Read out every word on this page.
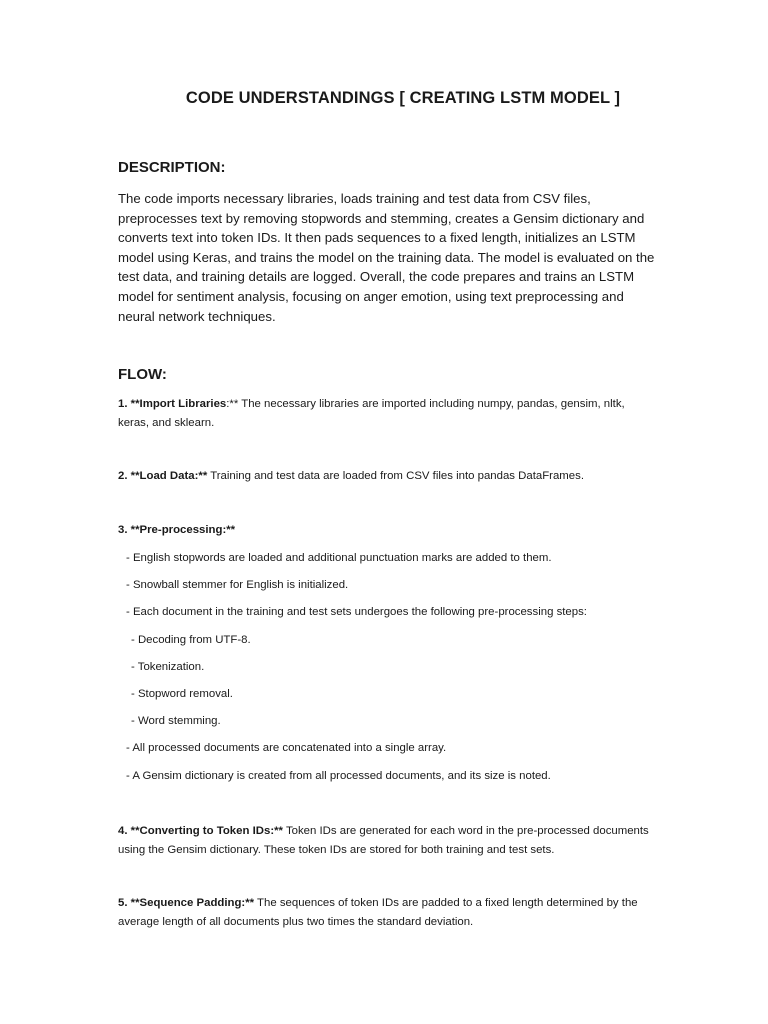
CODE UNDERSTANDINGS [ CREATING LSTM MODEL ]
DESCRIPTION:
The code imports necessary libraries, loads training and test data from CSV files, preprocesses text by removing stopwords and stemming, creates a Gensim dictionary and converts text into token IDs. It then pads sequences to a fixed length, initializes an LSTM model using Keras, and trains the model on the training data. The model is evaluated on the test data, and training details are logged. Overall, the code prepares and trains an LSTM model for sentiment analysis, focusing on anger emotion, using text preprocessing and neural network techniques.
FLOW:
1. **Import Libraries:** The necessary libraries are imported including numpy, pandas, gensim, nltk, keras, and sklearn.
2. **Load Data:** Training and test data are loaded from CSV files into pandas DataFrames.
3. **Pre-processing:**
- English stopwords are loaded and additional punctuation marks are added to them.
- Snowball stemmer for English is initialized.
- Each document in the training and test sets undergoes the following pre-processing steps:
- Decoding from UTF-8.
- Tokenization.
- Stopword removal.
- Word stemming.
- All processed documents are concatenated into a single array.
- A Gensim dictionary is created from all processed documents, and its size is noted.
4. **Converting to Token IDs:** Token IDs are generated for each word in the pre-processed documents using the Gensim dictionary. These token IDs are stored for both training and test sets.
5. **Sequence Padding:** The sequences of token IDs are padded to a fixed length determined by the average length of all documents plus two times the standard deviation.
